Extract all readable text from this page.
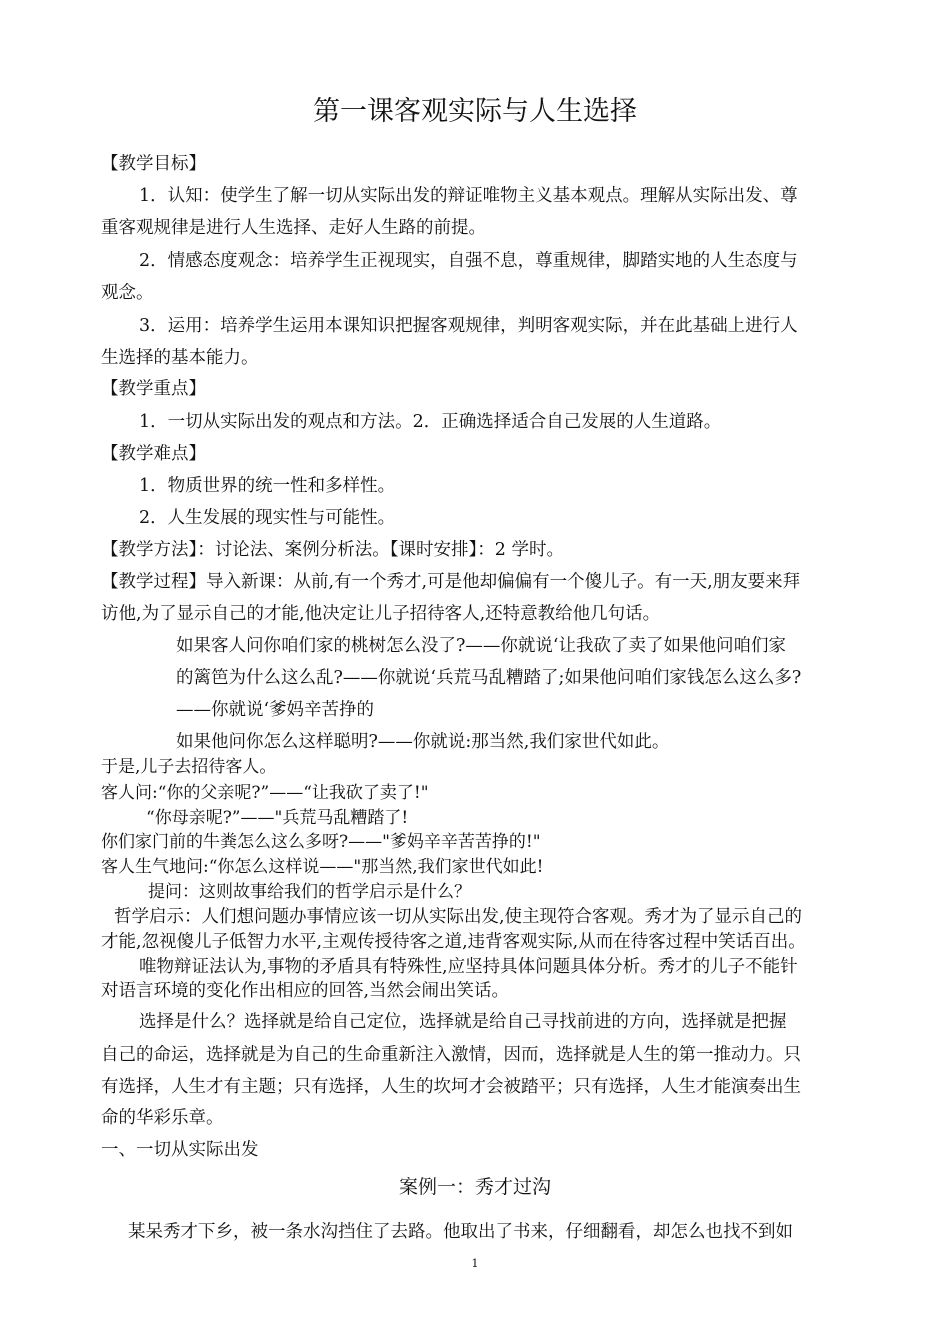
第一课客观实际与人生选择
【教学目标】
1．认知：使学生了解一切从实际出发的辩证唯物主义基本观点。理解从实际出发、尊
重客观规律是进行人生选择、走好人生路的前提。
2．情感态度观念：培养学生正视现实，自强不息，尊重规律，脚踏实地的人生态度与
观念。
3．运用：培养学生运用本课知识把握客观规律，判明客观实际，并在此基础上进行人
生选择的基本能力。
【教学重点】
1．一切从实际出发的观点和方法。2．正确选择适合自己发展的人生道路。
【教学难点】
1．物质世界的统一性和多样性。
2．人生发展的现实性与可能性。
【教学方法】：讨论法、案例分析法。【课时安排】：2 学时。
【教学过程】导入新课：从前,有一个秀才,可是他却偏偏有一个傻儿子。有一天,朋友要来拜
访他,为了显示自己的才能,他决定让儿子招待客人,还特意教给他几句话。
如果客人问你咱们家的桃树怎么没了?——你就说‘让我砍了卖了如果他问咱们家
的篱笆为什么这么乱?——你就说‘兵荒马乱糟踏了;如果他问咱们家钱怎么这么多?
——你就说‘爹妈辛苦挣的
如果他问你怎么这样聪明?——你就说:那当然,我们家世代如此。
于是,儿子去招待客人。
客人问:“你的父亲呢?”——“让我砍了卖了!"
“你母亲呢?”——"兵荒马乱糟踏了!
你们家门前的牛粪怎么这么多呀?——"爹妈辛辛苦苦挣的!"
客人生气地问:“你怎么这样说——"那当然,我们家世代如此!
提问：这则故事给我们的哲学启示是什么？
哲学启示：人们想问题办事情应该一切从实际出发,使主现符合客观。秀才为了显示自己的
才能,忽视傻儿子低智力水平,主观传授待客之道,违背客观实际,从而在待客过程中笑话百出。
唯物辩证法认为,事物的矛盾具有特殊性,应坚持具体问题具体分析。秀才的儿子不能针
对语言环境的变化作出相应的回答,当然会闹出笑话。
选择是什么？选择就是给自己定位，选择就是给自己寻找前进的方向，选择就是把握
自己的命运，选择就是为自己的生命重新注入激情，因而，选择就是人生的第一推动力。只
有选择，人生才有主题；只有选择，人生的坎坷才会被踏平；只有选择，人生才能演奏出生
命的华彩乐章。
一、一切从实际出发
案例一：秀才过沟
某呆秀才下乡，被一条水沟挡住了去路。他取出了书来，仔细翻看，却怎么也找不到如
1
